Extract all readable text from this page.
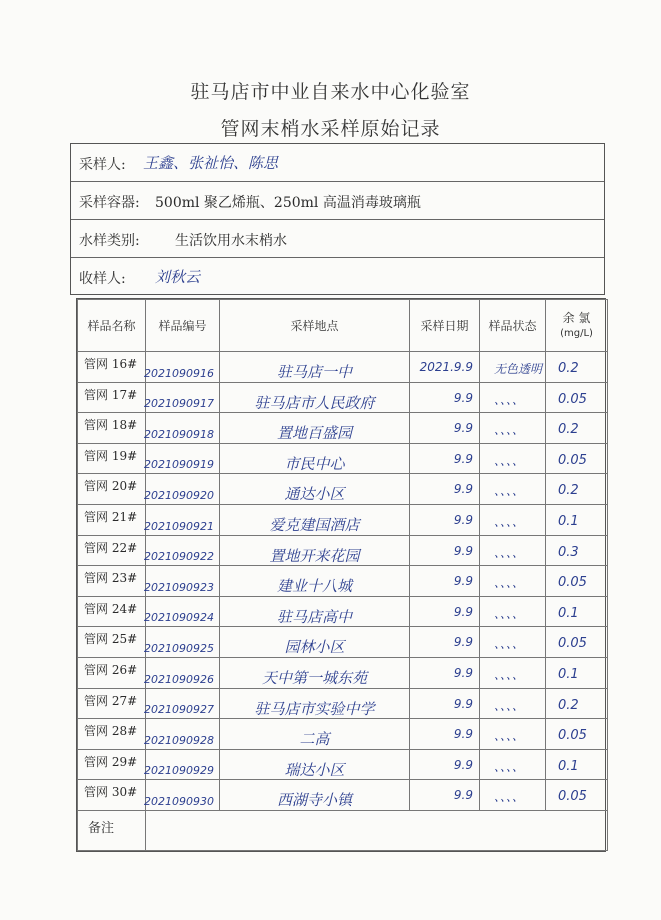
驻马店市中业自来水中心化验室
管网末梢水采样原始记录
采样人: 王鑫、张祉怡、陈思
采样容器: 500ml 聚乙烯瓶、250ml 高温消毒玻璃瓶
水样类别:	生活饮用水末梢水
收样人: 刘秋云
样品名称	样品编号	采样地点	采样日期	样品状态	余 氯
(mg/L)

管网 16#	2021090916	驻马店一中	2021.9.9	无色透明	0.2

管网 17#	2021090917	驻马店市人民政府	9.9	、、、、	0.05

管网 18#	2021090918	置地百盛园	9.9	、、、、	0.2

管网 19#	2021090919	市民中心	9.9	、、、、	0.05

管网 20#	2021090920	通达小区	9.9	、、、、	0.2

管网 21#	2021090921	爱克建国酒店	9.9	、、、、	0.1

管网 22#	2021090922	置地开来花园	9.9	、、、、	0.3

管网 23#	2021090923	建业十八城	9.9	、、、、	0.05

管网 24#	2021090924	驻马店高中	9.9	、、、、	0.1

管网 25#	2021090925	园林小区	9.9	、、、、	0.05

管网 26#	2021090926	天中第一城东苑	9.9	、、、、	0.1

管网 27#	2021090927	驻马店市实验中学	9.9	、、、、	0.2

管网 28#	2021090928	二高	9.9	、、、、	0.05

管网 29#	2021090929	瑞达小区	9.9	、、、、	0.1

管网 30#	2021090930	西湖寺小镇	9.9	、、、、	0.05

备注					
